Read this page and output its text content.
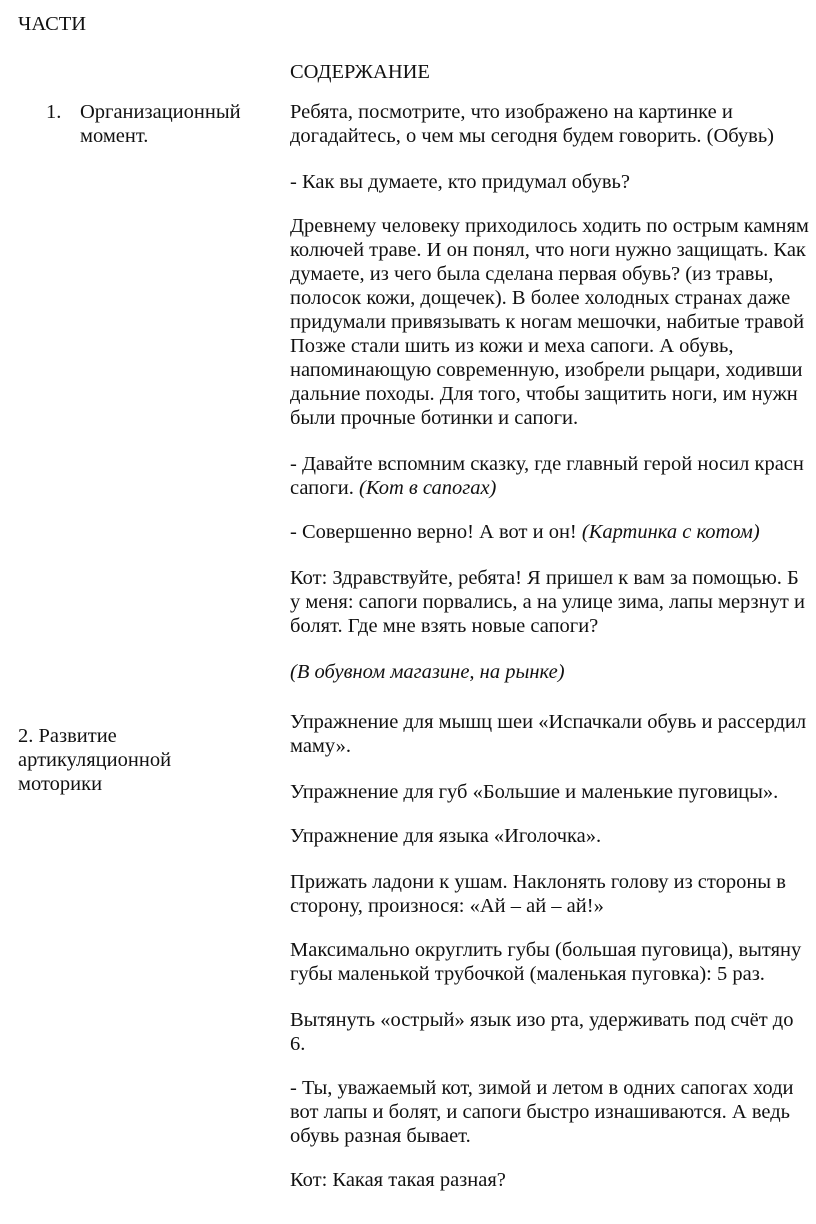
ЧАСТИ
СОДЕРЖАНИЕ
1. Организационный
момент.
2. Развитие
артикуляционной
моторики
Ребята, посмотрите, что изображено на картинке и
догадайтесь, о чем мы сегодня будем говорить. (Обувь)
- Как вы думаете, кто придумал обувь?
Древнему человеку приходилось ходить по острым камням
колючей траве. И он понял, что ноги нужно защищать. Как
думаете, из чего была сделана первая обувь? (из травы,
полосок кожи, дощечек). В более холодных странах даже
придумали привязывать к ногам мешочки, набитые травой
Позже стали шить из кожи и меха сапоги. А обувь,
напоминающую современную, изобрели рыцари, ходивши
дальние походы. Для того, чтобы защитить ноги, им нужн
были прочные ботинки и сапоги.
- Давайте вспомним сказку, где главный герой носил красн
сапоги. (Кот в сапогах)
- Совершенно верно! А вот и он! (Картинка с котом)
Кот: Здравствуйте, ребята! Я пришел к вам за помощью. Б
у меня: сапоги порвались, а на улице зима, лапы мерзнут и
болят. Где мне взять новые сапоги?
(В обувном магазине, на рынке)
Упражнение для мышц шеи «Испачкали обувь и рассердил
маму».
Упражнение для губ «Большие и маленькие пуговицы».
Упражнение для языка «Иголочка».
Прижать ладони к ушам. Наклонять голову из стороны в
сторону, произнося: «Ай – ай – ай!»
Максимально округлить губы (большая пуговица), вытяну
губы маленькой трубочкой (маленькая пуговка): 5 раз.
Вытянуть «острый» язык изо рта, удерживать под счёт до
6.
- Ты, уважаемый кот, зимой и летом в одних сапогах ходи
вот лапы и болят, и сапоги быстро изнашиваются. А ведь
обувь разная бывает.
Кот: Какая такая разная?
